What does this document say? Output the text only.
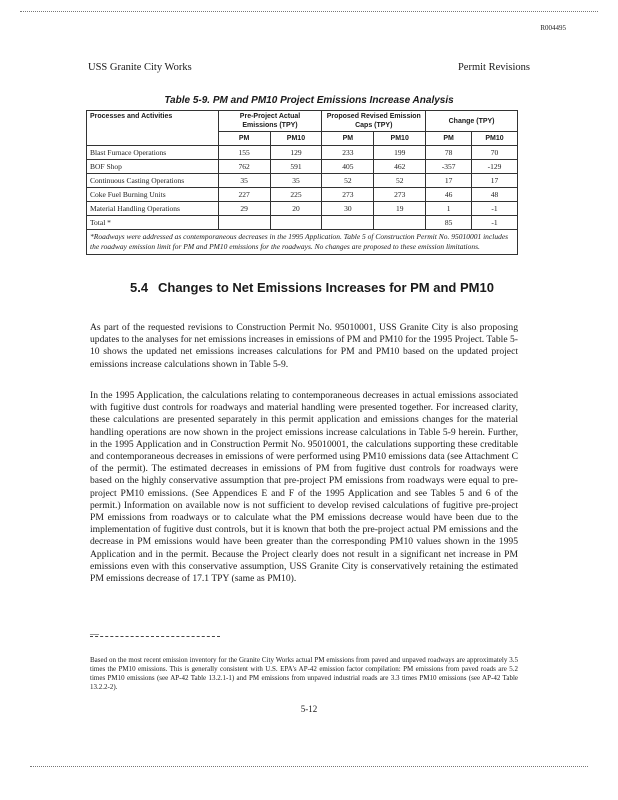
R004495
USS Granite City Works	Permit Revisions
Table 5-9. PM and PM10 Project Emissions Increase Analysis
Processes and Activities	Pre-Project Actual Emissions (TPY)		Proposed Revised Emission Caps (TPY)		Change (TPY)	
	PM	PM10	PM	PM10	PM	PM10
Blast Furnace Operations	155	129	233	199	78	70
BOF Shop	762	591	405	462	-357	-129
Continuous Casting Operations	35	35	52	52	17	17
Coke Fuel Burning Units	227	225	273	273	46	48
Material Handling Operations	29	20	30	19	1	-1
Total *					85	-1
*Roadways were addressed as contemporaneous decreases in the 1995 Application. Table 5 of Construction Permit No. 95010001 includes the roadway emission limit for PM and PM10 emissions for the roadways. No changes are proposed to these emission limitations.						
5.4 Changes to Net Emissions Increases for PM and PM10

As part of the requested revisions to Construction Permit No. 95010001, USS Granite City is also proposing updates to the analyses for net emissions increases in emissions of PM and PM10 for the 1995 Project. Table 5-10 shows the updated net emissions increases calculations for PM and PM10 based on the updated project emissions increase calculations shown in Table 5-9.

In the 1995 Application, the calculations relating to contemporaneous decreases in actual emissions associated with fugitive dust controls for roadways and material handling were presented together. For increased clarity, these calculations are presented separately in this permit application and emissions changes for the material handling operations are now shown in the project emissions increase calculations in Table 5-9 herein. Further, in the 1995 Application and in Construction Permit No. 95010001, the calculations supporting these creditable and contemporaneous decreases in emissions of were performed using PM10 emissions data (see Attachment C of the permit). The estimated decreases in emissions of PM from fugitive dust controls for roadways were based on the highly conservative assumption that pre-project PM emissions from roadways were equal to pre-project PM10 emissions. (See Appendices E and F of the 1995 Application and see Tables 5 and 6 of the permit.) Information on available now is not sufficient to develop revised calculations of fugitive pre-project PM emissions from roadways or to calculate what the PM emissions decrease would have been due to the implementation of fugitive dust controls, but it is known that both the pre-project actual PM emissions and the decrease in PM emissions would have been greater than the corresponding PM10 values shown in the 1995 Application and in the permit. Because the Project clearly does not result in a significant net increase in PM emissions even with this conservative assumption, USS Granite City is conservatively retaining the estimated PM emissions decrease of 17.1 TPY (same as PM10).

—

Based on the most recent emission inventory for the Granite City Works actual PM emissions from paved and unpaved roadways are approximately 3.5 times the PM10 emissions. This is generally consistent with U.S. EPA's AP-42 emission factor compilation: PM emissions from paved roads are 5.2 times PM10 emissions (see AP-42 Table 13.2.1-1) and PM emissions from unpaved industrial roads are 3.3 times PM10 emissions (see AP-42 Table 13.2.2-2).

5-12
